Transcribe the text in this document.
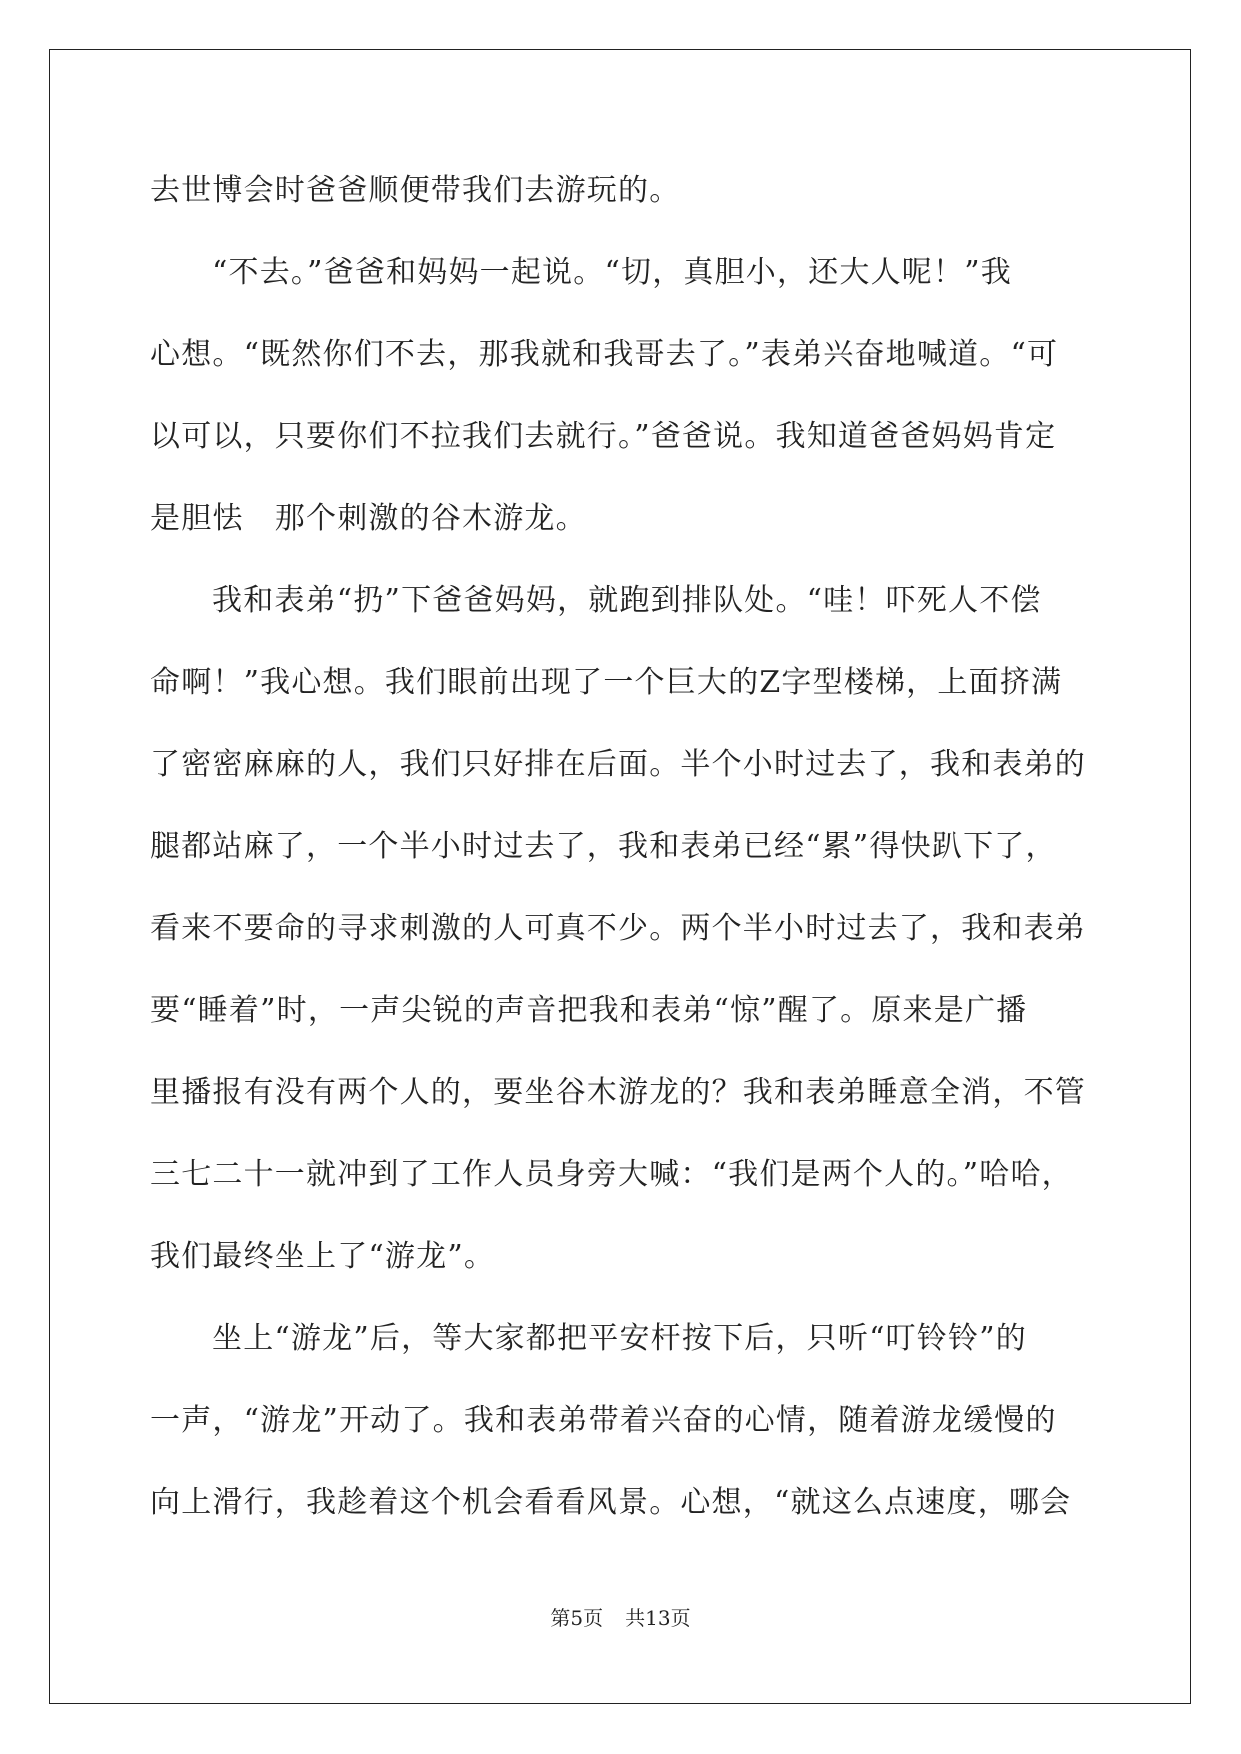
去世博会时爸爸顺便带我们去游玩的。
“不去。”爸爸和妈妈一起说。“切，真胆小，还大人呢！”我
心想。“既然你们不去，那我就和我哥去了。”表弟兴奋地喊道。“可
以可以，只要你们不拉我们去就行。”爸爸说。我知道爸爸妈妈肯定
是胆怯　那个刺激的谷木游龙。
我和表弟“扔”下爸爸妈妈，就跑到排队处。“哇！吓死人不偿
命啊！”我心想。我们眼前出现了一个巨大的Z字型楼梯，上面挤满
了密密麻麻的人，我们只好排在后面。半个小时过去了，我和表弟的
腿都站麻了，一个半小时过去了，我和表弟已经“累”得快趴下了，
看来不要命的寻求刺激的人可真不少。两个半小时过去了，我和表弟
要“睡着”时，一声尖锐的声音把我和表弟“惊”醒了。原来是广播
里播报有没有两个人的，要坐谷木游龙的？我和表弟睡意全消，不管
三七二十一就冲到了工作人员身旁大喊：“我们是两个人的。”哈哈，
我们最终坐上了“游龙”。
坐上“游龙”后，等大家都把平安杆按下后，只听“叮铃铃”的
一声，“游龙”开动了。我和表弟带着兴奋的心情，随着游龙缓慢的
向上滑行，我趁着这个机会看看风景。心想，“就这么点速度，哪会
第5页 共13页
